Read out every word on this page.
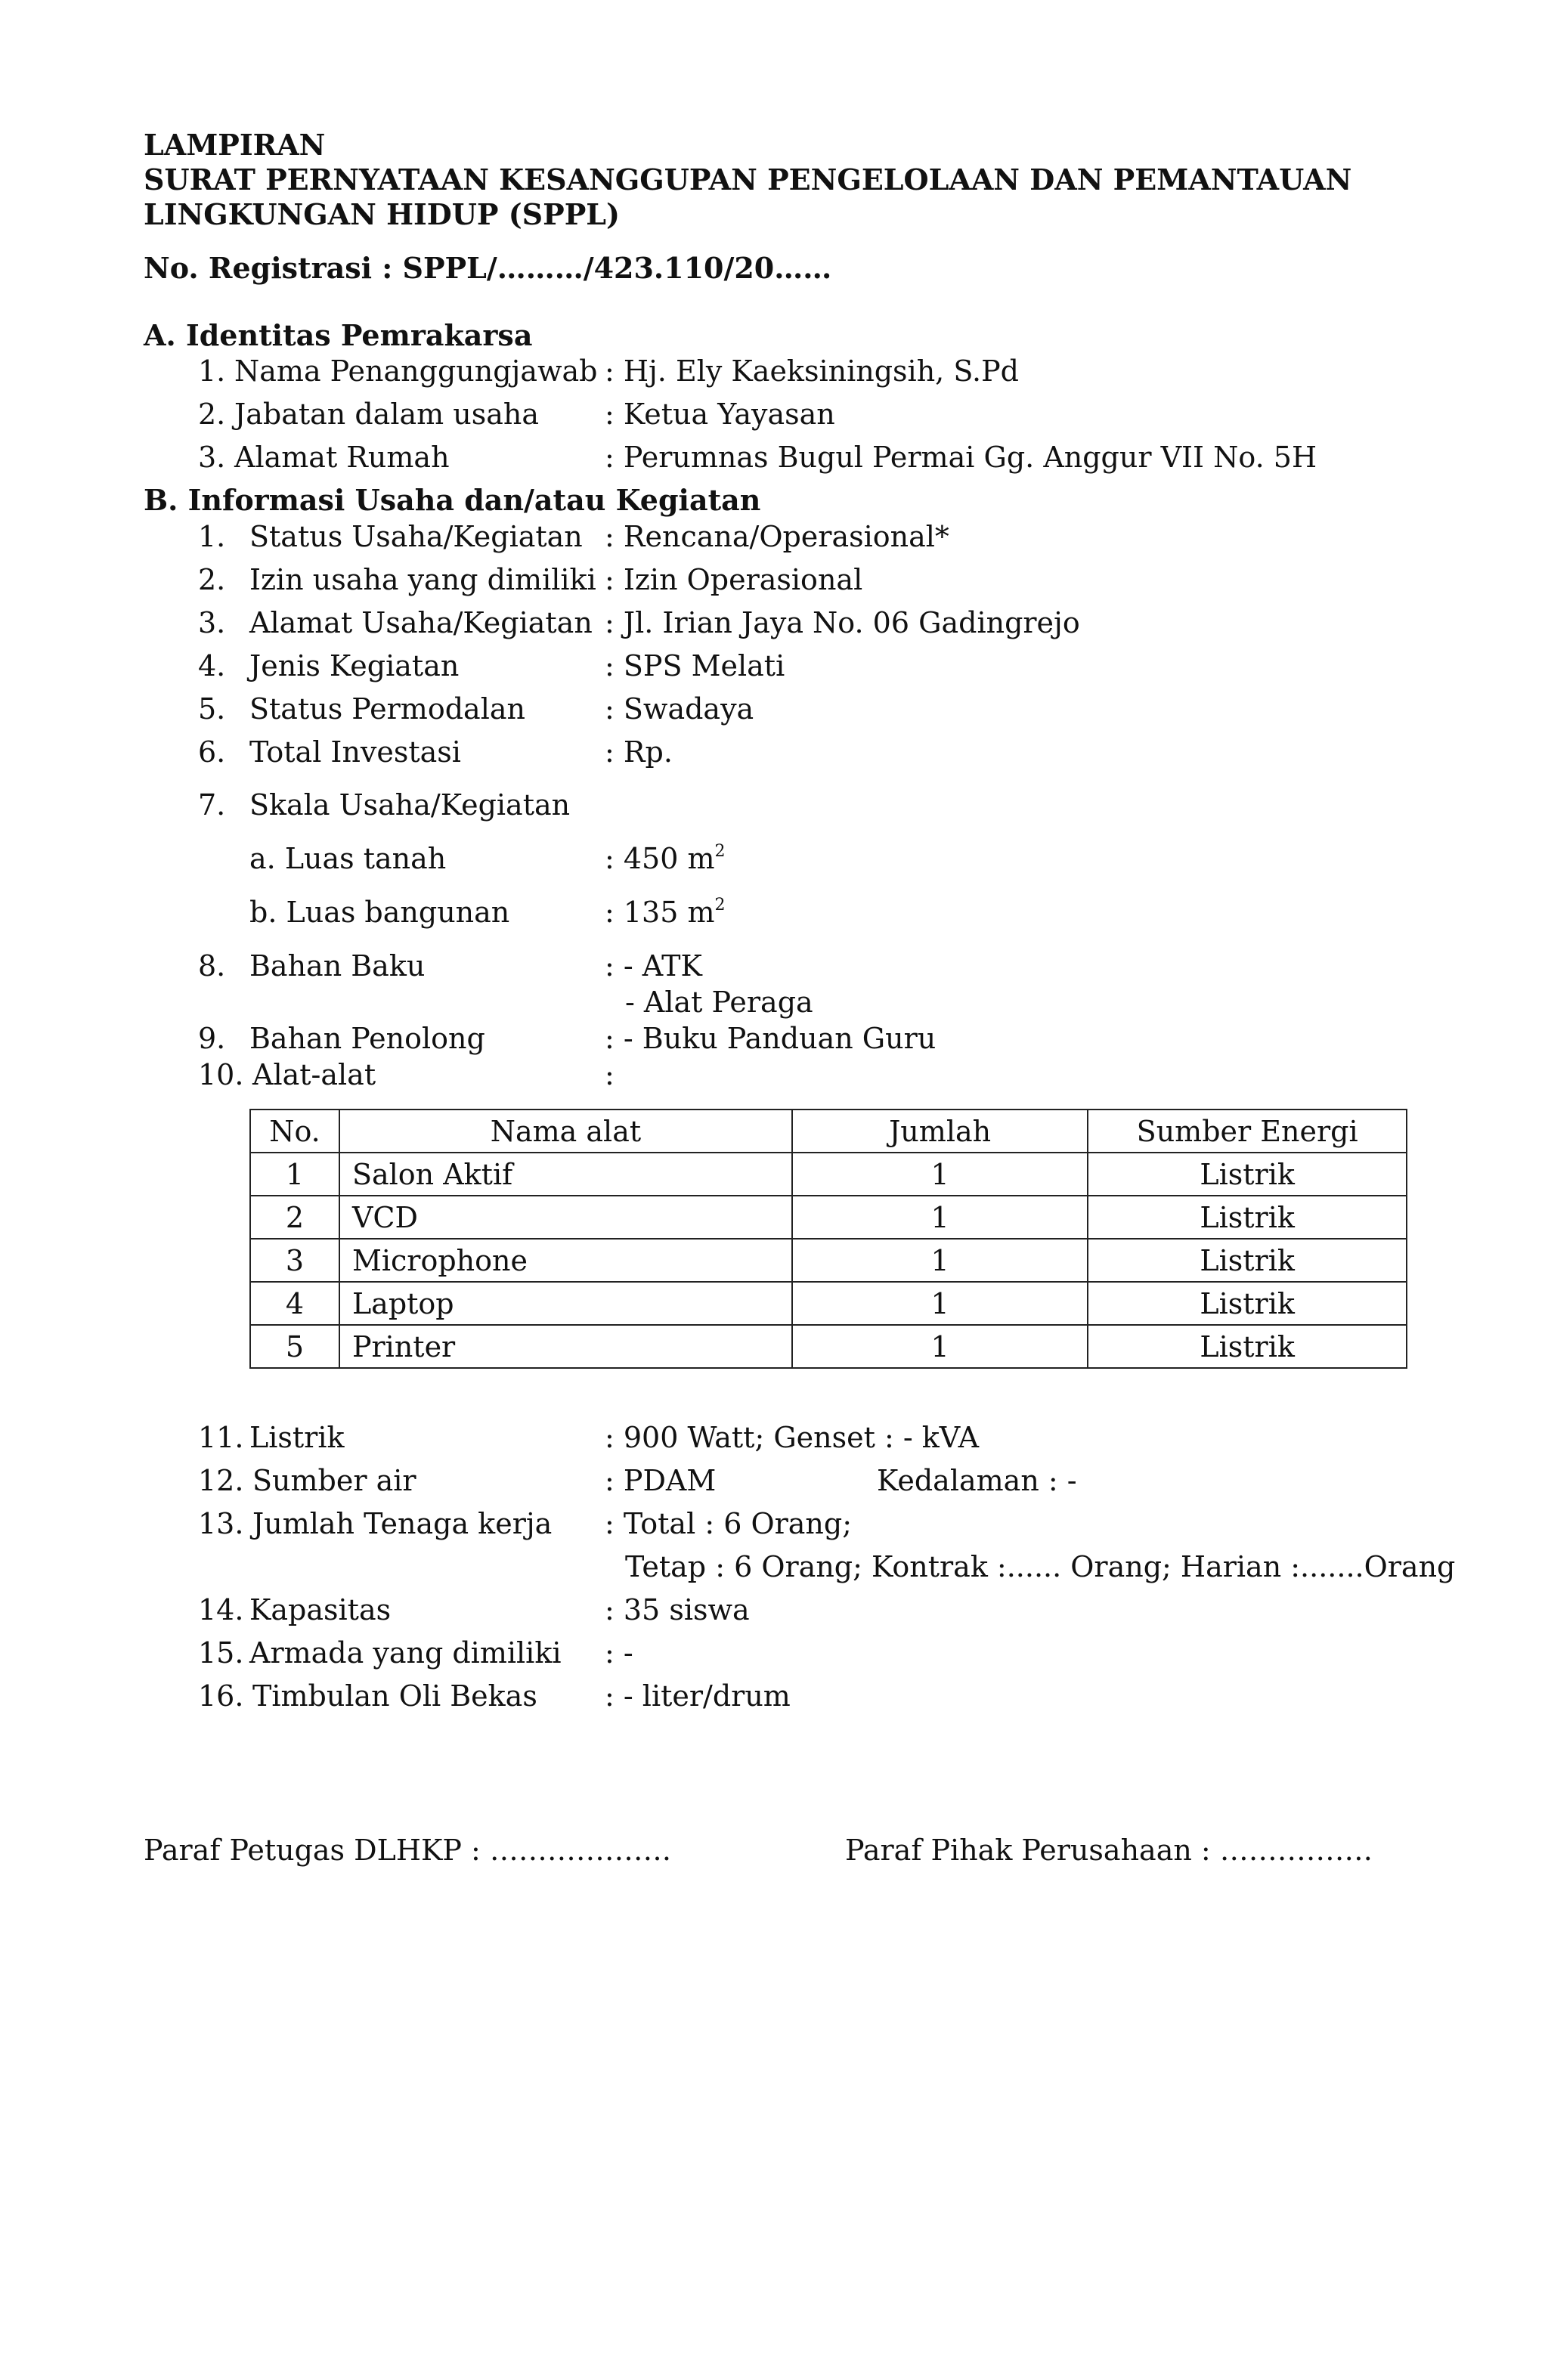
LAMPIRAN
SURAT PERNYATAAN KESANGGUPAN PENGELOLAAN DAN PEMANTAUAN
LINGKUNGAN HIDUP (SPPL)
No. Registrasi : SPPL/………/423.110/20……
A. Identitas Pemrakarsa
1. Nama Penanggungjawab : Hj. Ely Kaeksiningsih, S.Pd
2. Jabatan dalam usaha : Ketua Yayasan
3. Alamat Rumah	: Perumnas Bugul Permai Gg. Anggur VII No. 5H
B. Informasi Usaha dan/atau Kegiatan
1. Status Usaha/Kegiatan : Rencana/Operasional*
2. Izin usaha yang dimiliki : Izin Operasional
3. Alamat Usaha/Kegiatan : Jl. Irian Jaya No. 06 Gadingrejo
4. Jenis Kegiatan	: SPS Melati
5. Status Permodalan	: Swadaya
6. Total Investasi	: Rp.
7. Skala Usaha/Kegiatan
a. Luas tanah	: 450 $m^2$
b. Luas bangunan	: 135 $m^2$
8. Bahan Baku	: - ATK
- Alat Peraga
9. Bahan Penolong	: - Buku Panduan Guru
10. Alat-alat	:
No.	Nama alat	Jumlah	Sumber Energi
1	Salon Aktif	1	Listrik
2	VCD	1	Listrik
3	Microphone	1	Listrik
4	Laptop	1	Listrik
5	Printer	1	Listrik
11. Listrik	: 900 Watt; Genset : - kVA
12. Sumber air	: PDAM	Kedalaman : -
13. Jumlah Tenaga kerja : Total : 6 Orang;
Tetap : 6 Orang; Kontrak :...... Orang; Harian :.......Orang
14. Kapasitas	: 35 siswa
15. Armada yang dimiliki : -
16. Timbulan Oli Bekas : - liter/drum
Paraf Petugas DLHKP : ……………….	Paraf Pihak Perusahaan : …………….
